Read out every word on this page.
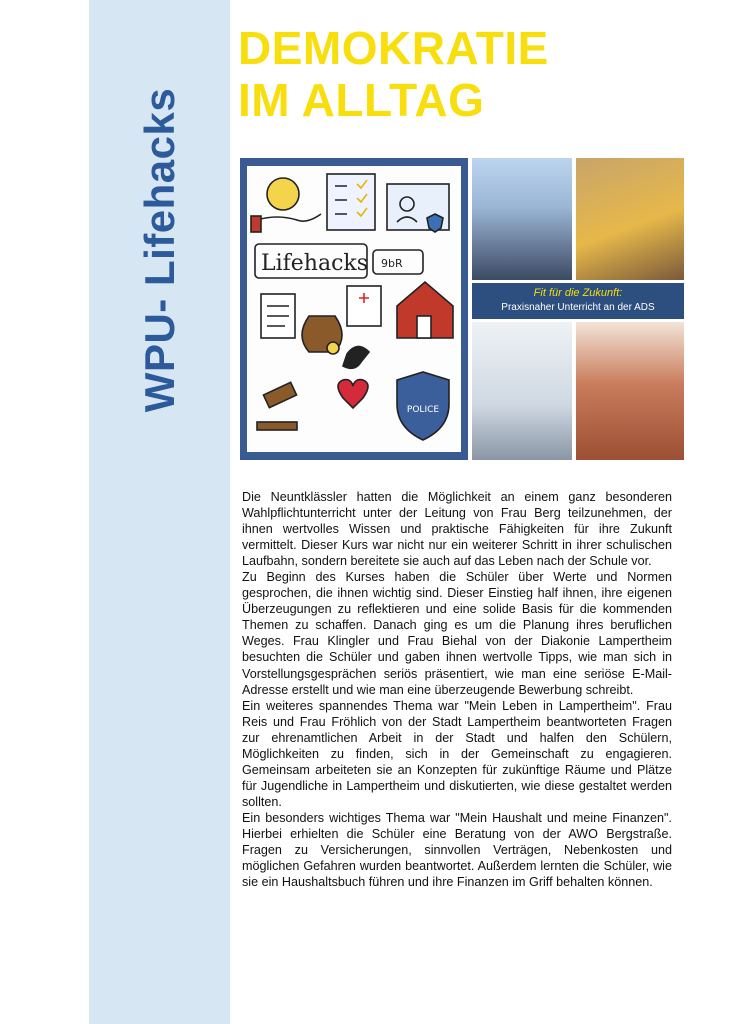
WPU- Lifehacks
DEMOKRATIE
IM ALLTAG
Lifehacks 9bR
POLICE
Fit für die Zukunft:
Praxisnaher Unterricht an der ADS

Die Neuntklässler hatten die Möglichkeit an einem ganz besonderen Wahlpflichtunterricht unter der Leitung von Frau Berg teilzunehmen, der ihnen wertvolles Wissen und praktische Fähigkeiten für ihre Zukunft vermittelt. Dieser Kurs war nicht nur ein weiterer Schritt in ihrer schulischen Laufbahn, sondern bereitete sie auch auf das Leben nach der Schule vor.

Zu Beginn des Kurses haben die Schüler über Werte und Normen gesprochen, die ihnen wichtig sind. Dieser Einstieg half ihnen, ihre eigenen Überzeugungen zu reflektieren und eine solide Basis für die kommenden Themen zu schaffen. Danach ging es um die Planung ihres beruflichen Weges. Frau Klingler und Frau Biehal von der Diakonie Lampertheim besuchten die Schüler und gaben ihnen wertvolle Tipps, wie man sich in Vorstellungsgesprächen seriös präsentiert, wie man eine seriöse E-Mail-Adresse erstellt und wie man eine überzeugende Bewerbung schreibt.

Ein weiteres spannendes Thema war "Mein Leben in Lampertheim". Frau Reis und Frau Fröhlich von der Stadt Lampertheim beantworteten Fragen zur ehrenamtlichen Arbeit in der Stadt und halfen den Schülern, Möglichkeiten zu finden, sich in der Gemeinschaft zu engagieren. Gemeinsam arbeiteten sie an Konzepten für zukünftige Räume und Plätze für Jugendliche in Lampertheim und diskutierten, wie diese gestaltet werden sollten.

Ein besonders wichtiges Thema war "Mein Haushalt und meine Finanzen". Hierbei erhielten die Schüler eine Beratung von der AWO Bergstraße. Fragen zu Versicherungen, sinnvollen Verträgen, Nebenkosten und möglichen Gefahren wurden beantwortet. Außerdem lernten die Schüler, wie sie ein Haushaltsbuch führen und ihre Finanzen im Griff behalten können.
